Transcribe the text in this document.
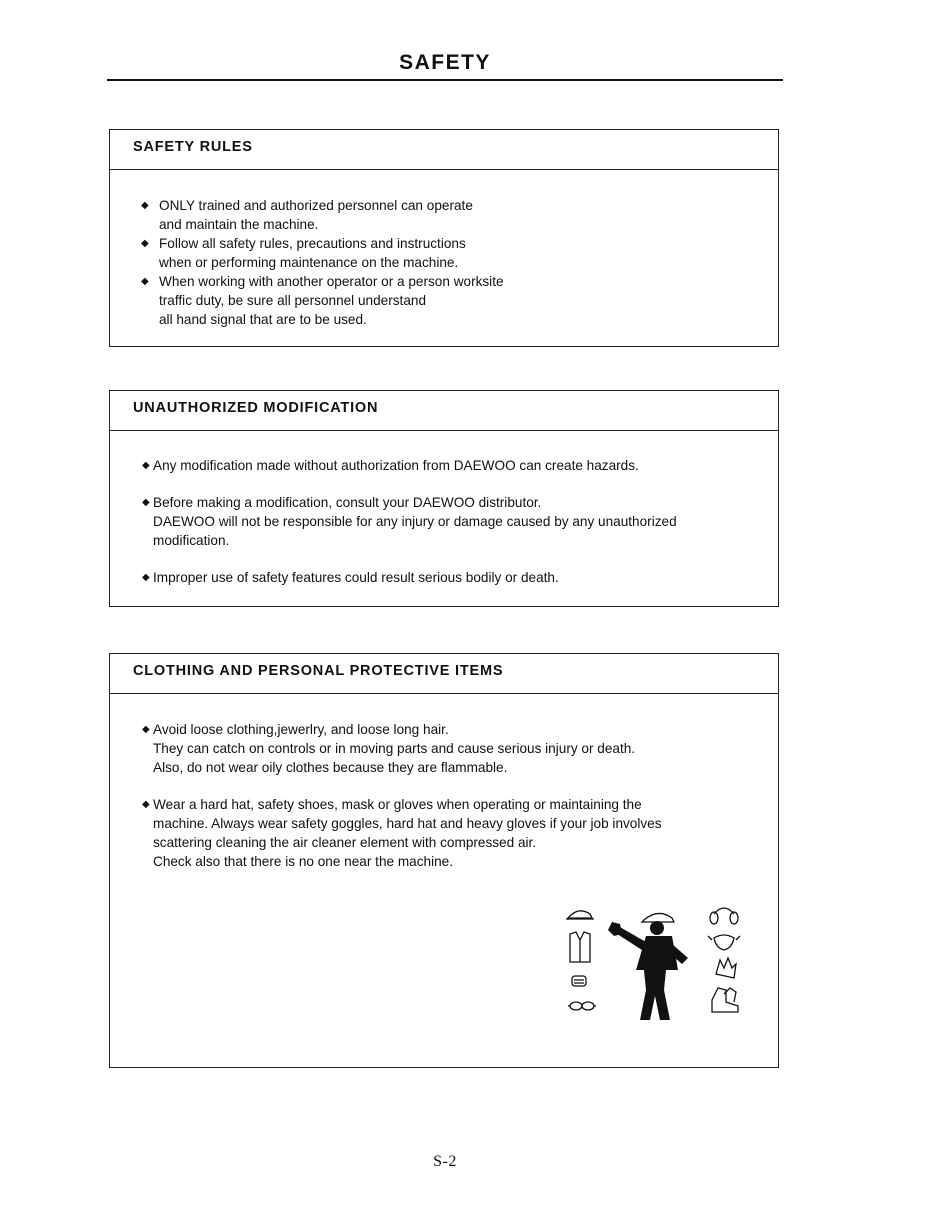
SAFETY
SAFETY RULES
◆ ONLY trained and authorized personnel can operate
and maintain the machine.
◆ Follow all safety rules, precautions and instructions
when or performing maintenance on the machine.
◆ When working with another operator or a person worksite
traffic duty, be sure all personnel understand
all hand signal that are to be used.
UNAUTHORIZED MODIFICATION
◆ Any modification made without authorization from DAEWOO can create hazards.
◆ Before making a modification, consult your DAEWOO distributor.
DAEWOO will not be responsible for any injury or damage caused by any unauthorized
modification.
◆ Improper use of safety features could result serious bodily or death.
CLOTHING AND PERSONAL PROTECTIVE ITEMS
◆ Avoid loose clothing,jewerlry, and loose long hair.
They can catch on controls or in moving parts and cause serious injury or death.
Also, do not wear oily clothes because they are flammable.
◆ Wear a hard hat, safety shoes, mask or gloves when operating or maintaining the
machine. Always wear safety goggles, hard hat and heavy gloves if your job involves
scattering cleaning the air cleaner element with compressed air.
Check also that there is no one near the machine.
S-2
